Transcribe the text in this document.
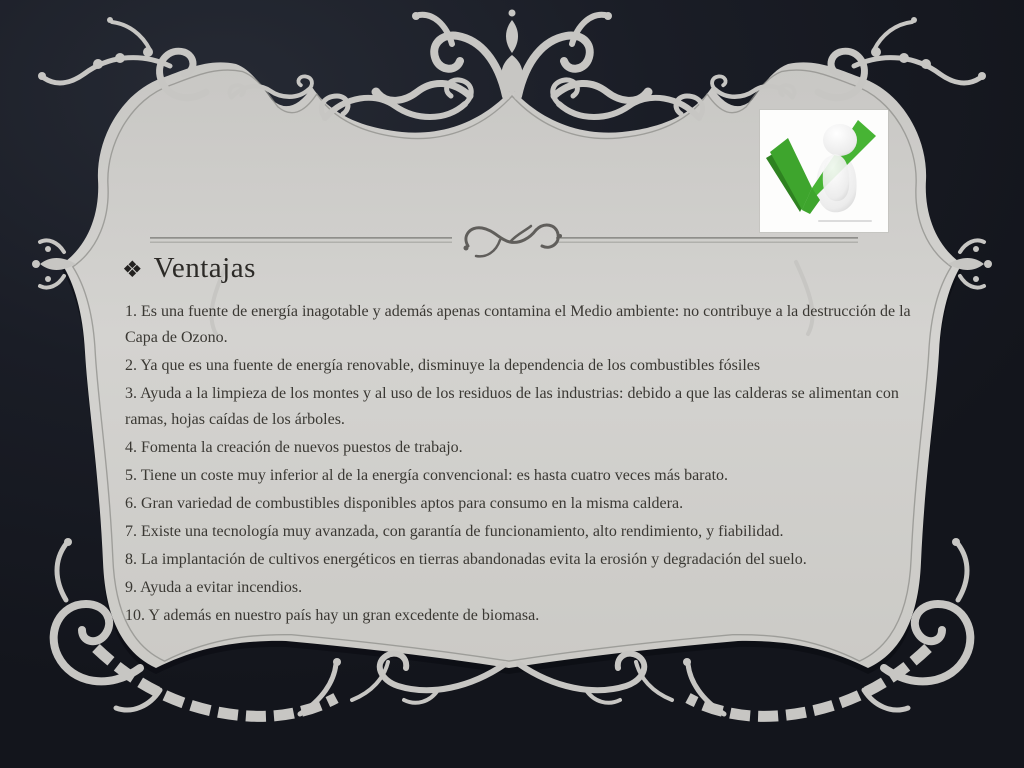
❖ Ventajas

1. Es una fuente de energía inagotable y además apenas contamina el Medio ambiente: no contribuye a la destrucción de la Capa de Ozono.

2. Ya que es una fuente de energía renovable, disminuye la dependencia de los combustibles fósiles

3. Ayuda a la limpieza de los montes y al uso de los residuos de las industrias: debido a que las calderas se alimentan con ramas, hojas caídas de los árboles.

4. Fomenta la creación de nuevos puestos de trabajo.

5. Tiene un coste muy inferior al de la energía convencional: es hasta cuatro veces más barato.

6. Gran variedad de combustibles disponibles aptos para consumo en la misma caldera.

7. Existe una tecnología muy avanzada, con garantía de funcionamiento, alto rendimiento, y fiabilidad.

8. La implantación de cultivos energéticos en tierras abandonadas evita la erosión y degradación del suelo.

9. Ayuda a evitar incendios.

10. Y además en nuestro país hay un gran excedente de biomasa.
